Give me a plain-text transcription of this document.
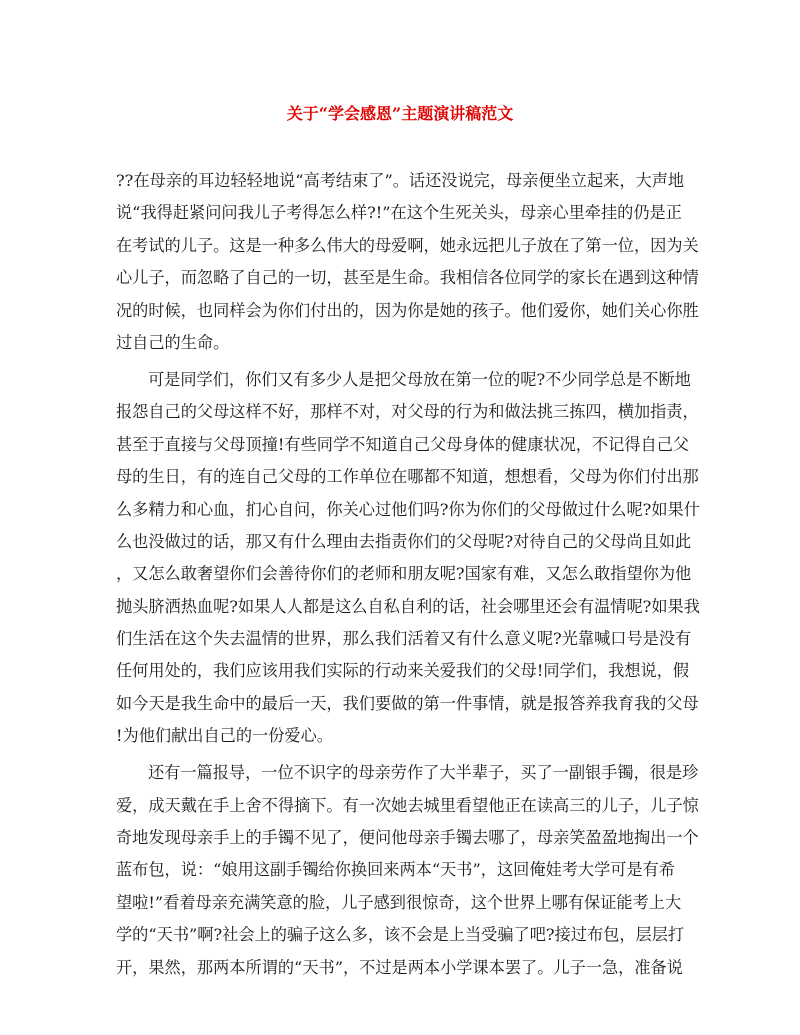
关于“学会感恩”主题演讲稿范文
??在母亲的耳边轻轻地说“高考结束了”。话还没说完，母亲便坐立起来，大声地
说“我得赶紧问问我儿子考得怎么样?!”在这个生死关头，母亲心里牵挂的仍是正
在考试的儿子。这是一种多么伟大的母爱啊，她永远把儿子放在了第一位，因为关
心儿子，而忽略了自己的一切，甚至是生命。我相信各位同学的家长在遇到这种情
况的时候，也同样会为你们付出的，因为你是她的孩子。他们爱你，她们关心你胜
过自己的生命。
可是同学们，你们又有多少人是把父母放在第一位的呢?不少同学总是不断地
报怨自己的父母这样不好，那样不对，对父母的行为和做法挑三拣四，横加指责，
甚至于直接与父母顶撞!有些同学不知道自己父母身体的健康状况，不记得自己父
母的生日，有的连自己父母的工作单位在哪都不知道，想想看，父母为你们付出那
么多精力和心血，扪心自问，你关心过他们吗?你为你们的父母做过什么呢?如果什
么也没做过的话，那又有什么理由去指责你们的父母呢?对待自己的父母尚且如此
，又怎么敢奢望你们会善待你们的老师和朋友呢?国家有难，又怎么敢指望你为他
抛头脐洒热血呢?如果人人都是这么自私自利的话，社会哪里还会有温情呢?如果我
们生活在这个失去温情的世界，那么我们活着又有什么意义呢?光靠喊口号是没有
任何用处的，我们应该用我们实际的行动来关爱我们的父母!同学们，我想说，假
如今天是我生命中的最后一天，我们要做的第一件事情，就是报答养我育我的父母
!为他们献出自己的一份爱心。
还有一篇报导，一位不识字的母亲劳作了大半辈子，买了一副银手镯，很是珍
爱，成天戴在手上舍不得摘下。有一次她去城里看望他正在读高三的儿子，儿子惊
奇地发现母亲手上的手镯不见了，便问他母亲手镯去哪了，母亲笑盈盈地掏出一个
蓝布包，说：“娘用这副手镯给你换回来两本“天书”，这回俺娃考大学可是有希
望啦!”看着母亲充满笑意的脸，儿子感到很惊奇，这个世界上哪有保证能考上大
学的“天书”啊?社会上的骗子这么多，该不会是上当受骗了吧?接过布包，层层打
开，果然，那两本所谓的“天书”，不过是两本小学课本罢了。儿子一急，准备说
